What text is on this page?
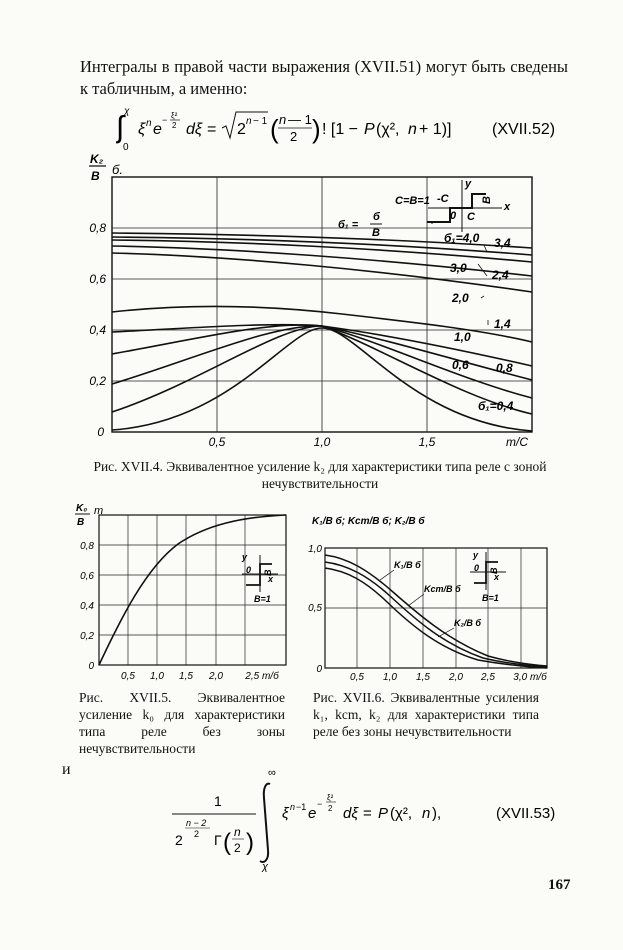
Интегралы в правой части выражения (XVII.51) могут быть сведены к табличным, а именно:
χ
∫
0
ξ n e
− ξ²
2 dξ = 2 n − 1 ( n — 1
2 ) ! [1 − P (χ², n + 1)]	(XVII.52)
K₂
B б.
0
0,2
0,4
0,6
0,8
0,5	1,0	1,5	m/C
б₁=4,0 3,4
3,0 2,4
2,0
1,4
1,0
0,8
0,6
б₁=0,4
C=B=1
б₁ =
б
B
y
x
-C
C
0
B
Рис. XVII.4. Эквивалентное усиление k₂ для характеристики типа реле с зоной нечувствительности
K₀
B
m
0
0,2
0,4
0,6
0,8
0,5 1,0 1,5 2,0 2,5 m/б
y
0
x
B
B=1
Рис. XVII.5. Эквивалентное усиление k₀ для характеристики типа реле без зоны нечувствительности
K₁/B б; Kcm/B б; K₂/B б
0
0,5
1,0
0,5 1,0 1,5 2,0 2,5 3,0 m/б
K₁/B б
Kcm/B б
K₂/B б
y
0
x
B
B=1
Рис. XVII.6. Эквивалентные усиления k₁, kcm, k₂ для характеристики типа реле без зоны нечувствительности
и
1
2
n − 2
2 Γ ( n
2 )
∞
χ
ξ n −1 e
−
ξ²
2 dξ = P (χ², n ),	(XVII.53)
167
